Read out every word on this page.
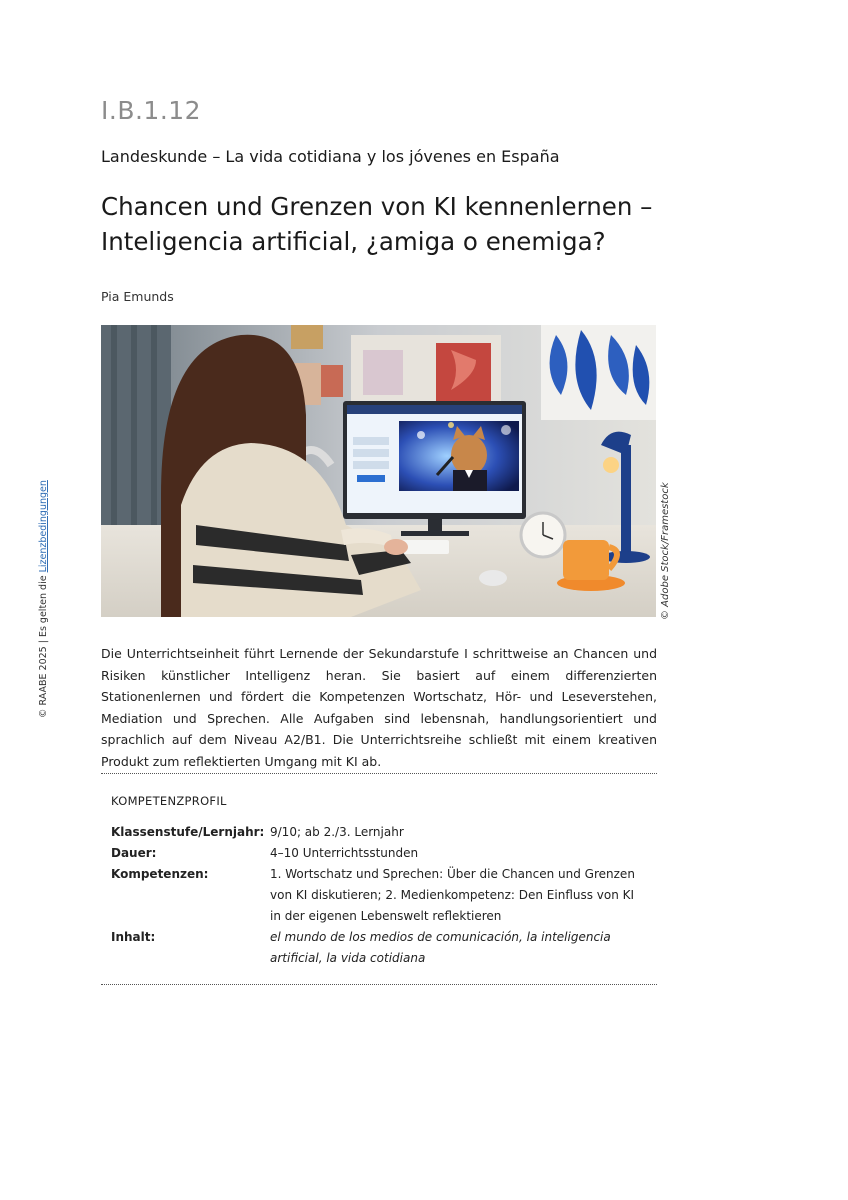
I.B.1.12
Landeskunde – La vida cotidiana y los jóvenes en España
Chancen und Grenzen von KI kennenlernen –
Inteligencia artificial, ¿amiga o enemiga?
Pia Emunds
© Adobe Stock/Framestock
© RAABE 2025 | Es gelten die Lizenzbedingungen
Die Unterrichtseinheit führt Lernende der Sekundarstufe I schrittweise an Chancen und Risiken künstlicher Intelligenz heran. Sie basiert auf einem differenzierten Stationenlernen und fördert die Kompetenzen Wortschatz, Hör- und Leseverstehen, Mediation und Sprechen. Alle Aufgaben sind lebensnah, handlungsorientiert und sprachlich auf dem Niveau A2/B1. Die Unterrichtsreihe schließt mit einem kreativen Produkt zum reflektierten Umgang mit KI ab.
KOMPETENZPROFIL
Klassenstufe/Lernjahr: 9/10; ab 2./3. Lernjahr
Dauer:	4–10 Unterrichtsstunden
Kompetenzen:	1. Wortschatz und Sprechen: Über die Chancen und Grenzen von KI diskutieren; 2. Medienkompetenz: Den Einfluss von KI in der eigenen Lebenswelt reflektieren
Inhalt:	el mundo de los medios de comunicación, la inteligencia artificial, la vida cotidiana
